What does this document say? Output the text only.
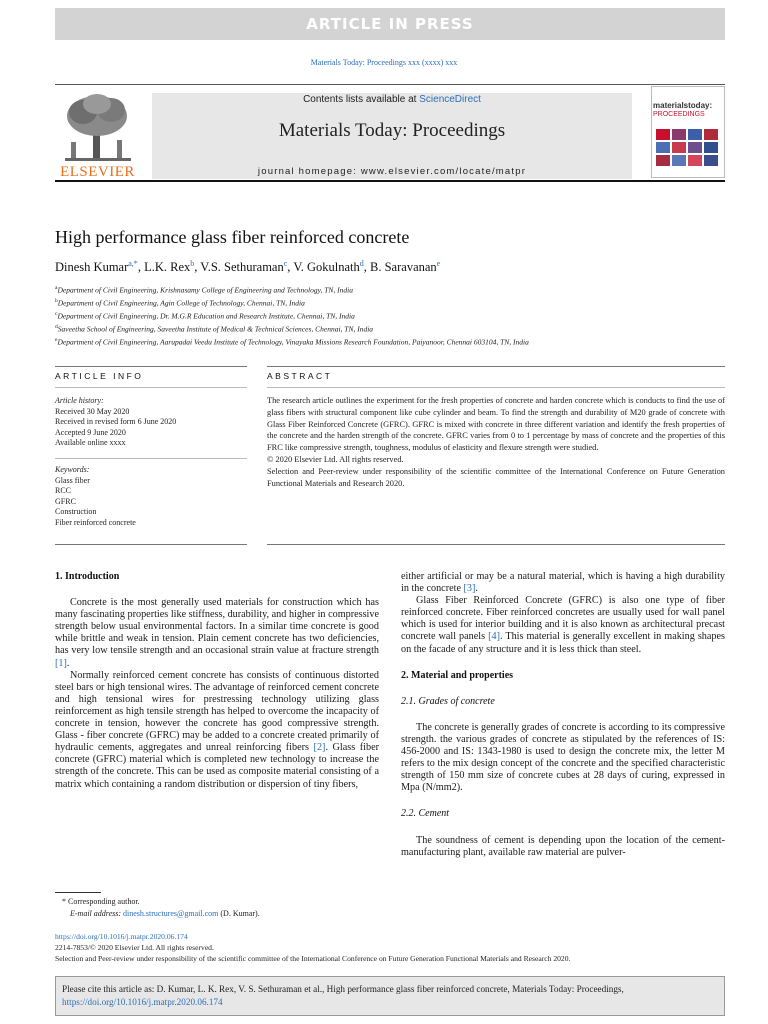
ARTICLE IN PRESS
Materials Today: Proceedings xxx (xxxx) xxx
ELSEVIER
Contents lists available at ScienceDirect
Materials Today: Proceedings
journal homepage: www.elsevier.com/locate/matpr
materialstoday:
PROCEEDINGS
High performance glass fiber reinforced concrete
Dinesh Kumar$^{a,*}$, L.K. Rex$^b$, V.S. Sethuraman$^c$, V. Gokulnath$^d$, B. Saravanan$^e$
$^a$Department of Civil Engineering, Krishnasamy College of Engineering and Technology, TN, India
$^b$Department of Civil Engineering, Agin College of Technology, Chennai, TN, India
$^c$Department of Civil Engineering, Dr. M.G.R Education and Research Institute, Chennai, TN, India
$^d$Saveetha School of Engineering, Saveetha Institute of Medical & Technical Sciences, Chennai, TN, India
$^e$Department of Civil Engineering, Aarupadai Veedu Institute of Technology, Vinayaka Missions Research Foundation, Paiyanoor, Chennai 603104, TN, India
ARTICLE INFO	ABSTRACT
Article history:
Received 30 May 2020
Received in revised form 6 June 2020
Accepted 9 June 2020
Available online xxxx
Keywords:
Glass fiber
RCC
GFRC
Construction
Fiber reinforced concrete
The research article outlines the experiment for the fresh properties of concrete and harden concrete which is conducts to find the use of glass fibers with structural component like cube cylinder and beam. To find the strength and durability of M20 grade of concrete with Glass Fiber Reinforced Concrete (GFRC). GFRC is mixed with concrete in three different variation and identify the fresh properties of the concrete and the harden strength of the concrete. GFRC varies from 0 to 1 percentage by mass of concrete and the properties of this FRC like compressive strength, toughness, modulus of elasticity and flexure strength were studied.
© 2020 Elsevier Ltd. All rights reserved.
Selection and Peer-review under responsibility of the scientific committee of the International Conference on Future Generation Functional Materials and Research 2020.
1. Introduction

Concrete is the most generally used materials for construction which has many fascinating properties like stiffness, durability, and higher in compressive strength below usual environmental factors. In a similar time concrete is good while brittle and weak in tension. Plain cement concrete has two deficiencies, has very low tensile strength and an occasional strain value at fracture strength [1].

Normally reinforced cement concrete has consists of continuous distorted steel bars or high tensional wires. The advantage of reinforced cement concrete and high tensional wires for prestressing technology utilizing glass reinforcement as high tensile strength has helped to overcome the incapacity of concrete in tension, however the concrete has good compressive strength. Glass - fiber concrete (GFRC) may be added to a concrete created primarily of hydraulic cements, aggregates and unreal reinforcing fibers [2]. Glass fiber concrete (GFRC) material which is completed new technology to increase the strength of the concrete. This can be used as composite material consisting of a matrix which containing a random distribution or dispersion of tiny fibers,

either artificial or may be a natural material, which is having a high durability in the concrete [3].

Glass Fiber Reinforced Concrete (GFRC) is also one type of fiber reinforced concrete. Fiber reinforced concretes are usually used for wall panel which is used for interior building and it is also known as architectural precast concrete wall panels [4]. This material is generally excellent in making shapes on the facade of any structure and it is less thick than steel.

2. Material and properties
2.1. Grades of concrete

The concrete is generally grades of concrete is according to its compressive strength. the various grades of concrete as stipulated by the references of IS: 456-2000 and IS: 1343-1980 is used to design the concrete mix, the letter M refers to the mix design concept of the concrete and the specified characteristic strength of 150 mm size of concrete cubes at 28 days of curing, expressed in Mpa (N/mm2).

2.2. Cement

The soundness of cement is depending upon the location of the cement-manufacturing plant, available raw material are pulver-

* Corresponding author.
E-mail address: dinesh.structures@gmail.com (D. Kumar).
https://doi.org/10.1016/j.matpr.2020.06.174
2214-7853/© 2020 Elsevier Ltd. All rights reserved.
Selection and Peer-review under responsibility of the scientific committee of the International Conference on Future Generation Functional Materials and Research 2020.
Please cite this article as: D. Kumar, L. K. Rex, V. S. Sethuraman et al., High performance glass fiber reinforced concrete, Materials Today: Proceedings,
https://doi.org/10.1016/j.matpr.2020.06.174
